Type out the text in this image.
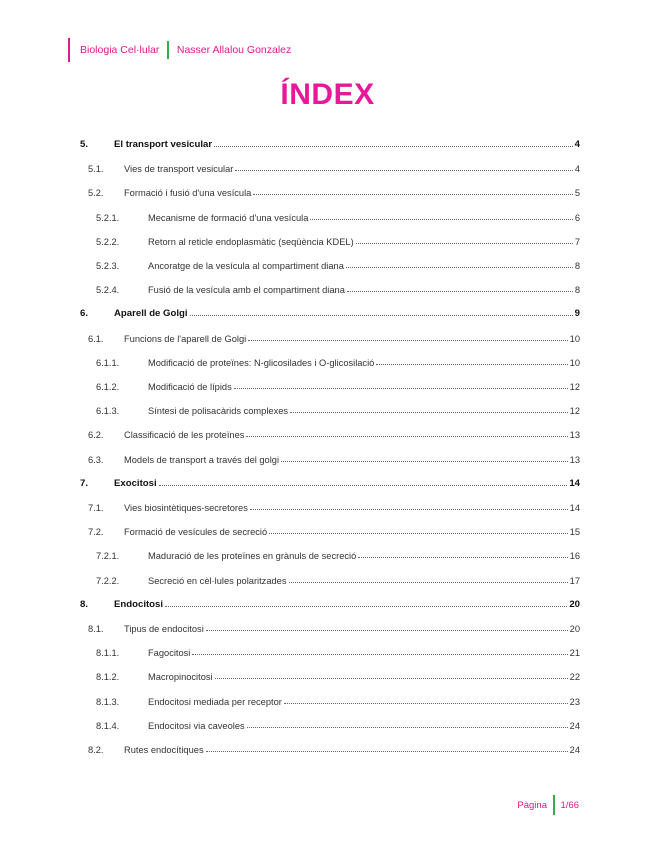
Biologia Cel·lular Nasser Allalou Gonzalez
ÍNDEX
5.	El transport vesicular	4
5.1.	Vies de transport vesicular	4
5.2.	Formació i fusió d'una vesícula	5
5.2.1.	Mecanisme de formació d'una vesícula	6
5.2.2.	Retorn al reticle endoplasmàtic (seqüència KDEL)	7
5.2.3.	Ancoratge de la vesícula al compartiment diana	8
5.2.4.	Fusió de la vesícula amb el compartiment diana	8
6.	Aparell de Golgi	9
6.1.	Funcions de l'aparell de Golgi	10
6.1.1.	Modificació de proteïnes: N-glicosilades i O-glicosilació	10
6.1.2.	Modificació de lípids	12
6.1.3.	Síntesi de polisacàrids complexes	12
6.2.	Classificació de les proteïnes	13
6.3.	Models de transport a través del golgi	13
7.	Exocitosi	14
7.1.	Vies biosintètiques-secretores	14
7.2.	Formació de vesícules de secreció	15
7.2.1.	Maduració de les proteïnes en grànuls de secreció	16
7.2.2.	Secreció en cèl·lules polaritzades	17
8.	Endocitosi	20
8.1.	Tipus de endocitosi	20
8.1.1.	Fagocitosi	21
8.1.2.	Macropinocitosi	22
8.1.3.	Endocitosi mediada per receptor	23
8.1.4.	Endocitosi via caveoles	24
8.2.	Rutes endocítiques	24
Pàgina 1/66
